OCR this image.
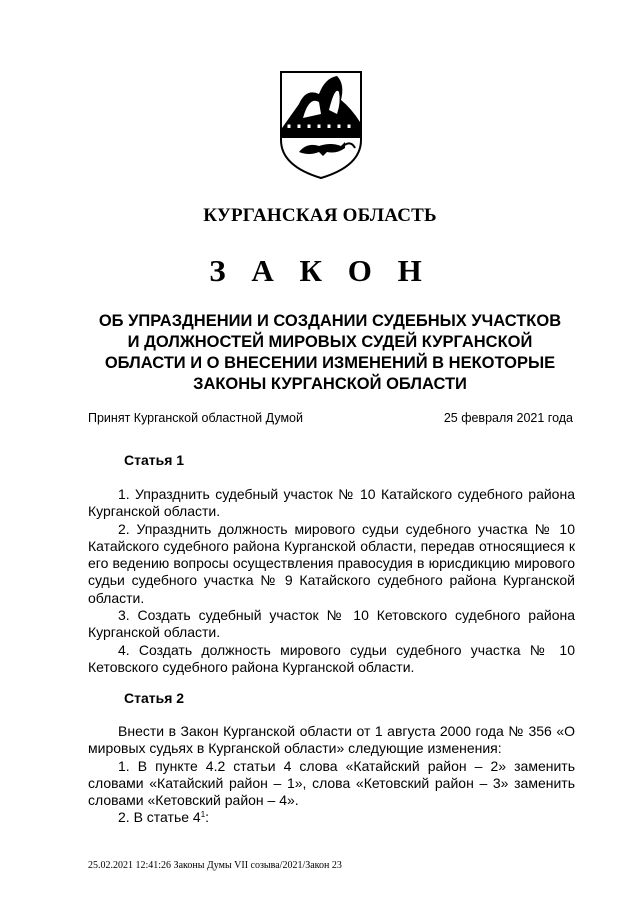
КУРГАНСКАЯ ОБЛАСТЬ
З А К О Н
ОБ УПРАЗДНЕНИИ И СОЗДАНИИ СУДЕБНЫХ УЧАСТКОВ
И ДОЛЖНОСТЕЙ МИРОВЫХ СУДЕЙ КУРГАНСКОЙ
ОБЛАСТИ И О ВНЕСЕНИИ ИЗМЕНЕНИЙ В НЕКОТОРЫЕ
ЗАКОНЫ КУРГАНСКОЙ ОБЛАСТИ
Принят Курганской областной Думой	25 февраля 2021 года
Статья 1

1. Упразднить судебный участок № 10 Катайского судебного района Курганской области.

2. Упразднить должность мирового судьи судебного участка № 10 Катайского судебного района Курганской области, передав относящиеся к его ведению вопросы осуществления правосудия в юрисдикцию мирового судьи судебного участка № 9 Катайского судебного района Курганской области.

3. Создать судебный участок № 10 Кетовского судебного района Курганской области.

4. Создать должность мирового судьи судебного участка № 10 Кетовского судебного района Курганской области.

Статья 2

Внести в Закон Курганской области от 1 августа 2000 года № 356 «О мировых судьях в Курганской области» следующие изменения:

1. В пункте 4.2 статьи 4 слова «Катайский район – 2» заменить словами «Катайский район – 1», слова «Кетовский район – 3» заменить словами «Кетовский район – 4».

2. В статье $4^1$:

25.02.2021 12:41:26 Законы Думы VII созыва/2021/Закон 23
